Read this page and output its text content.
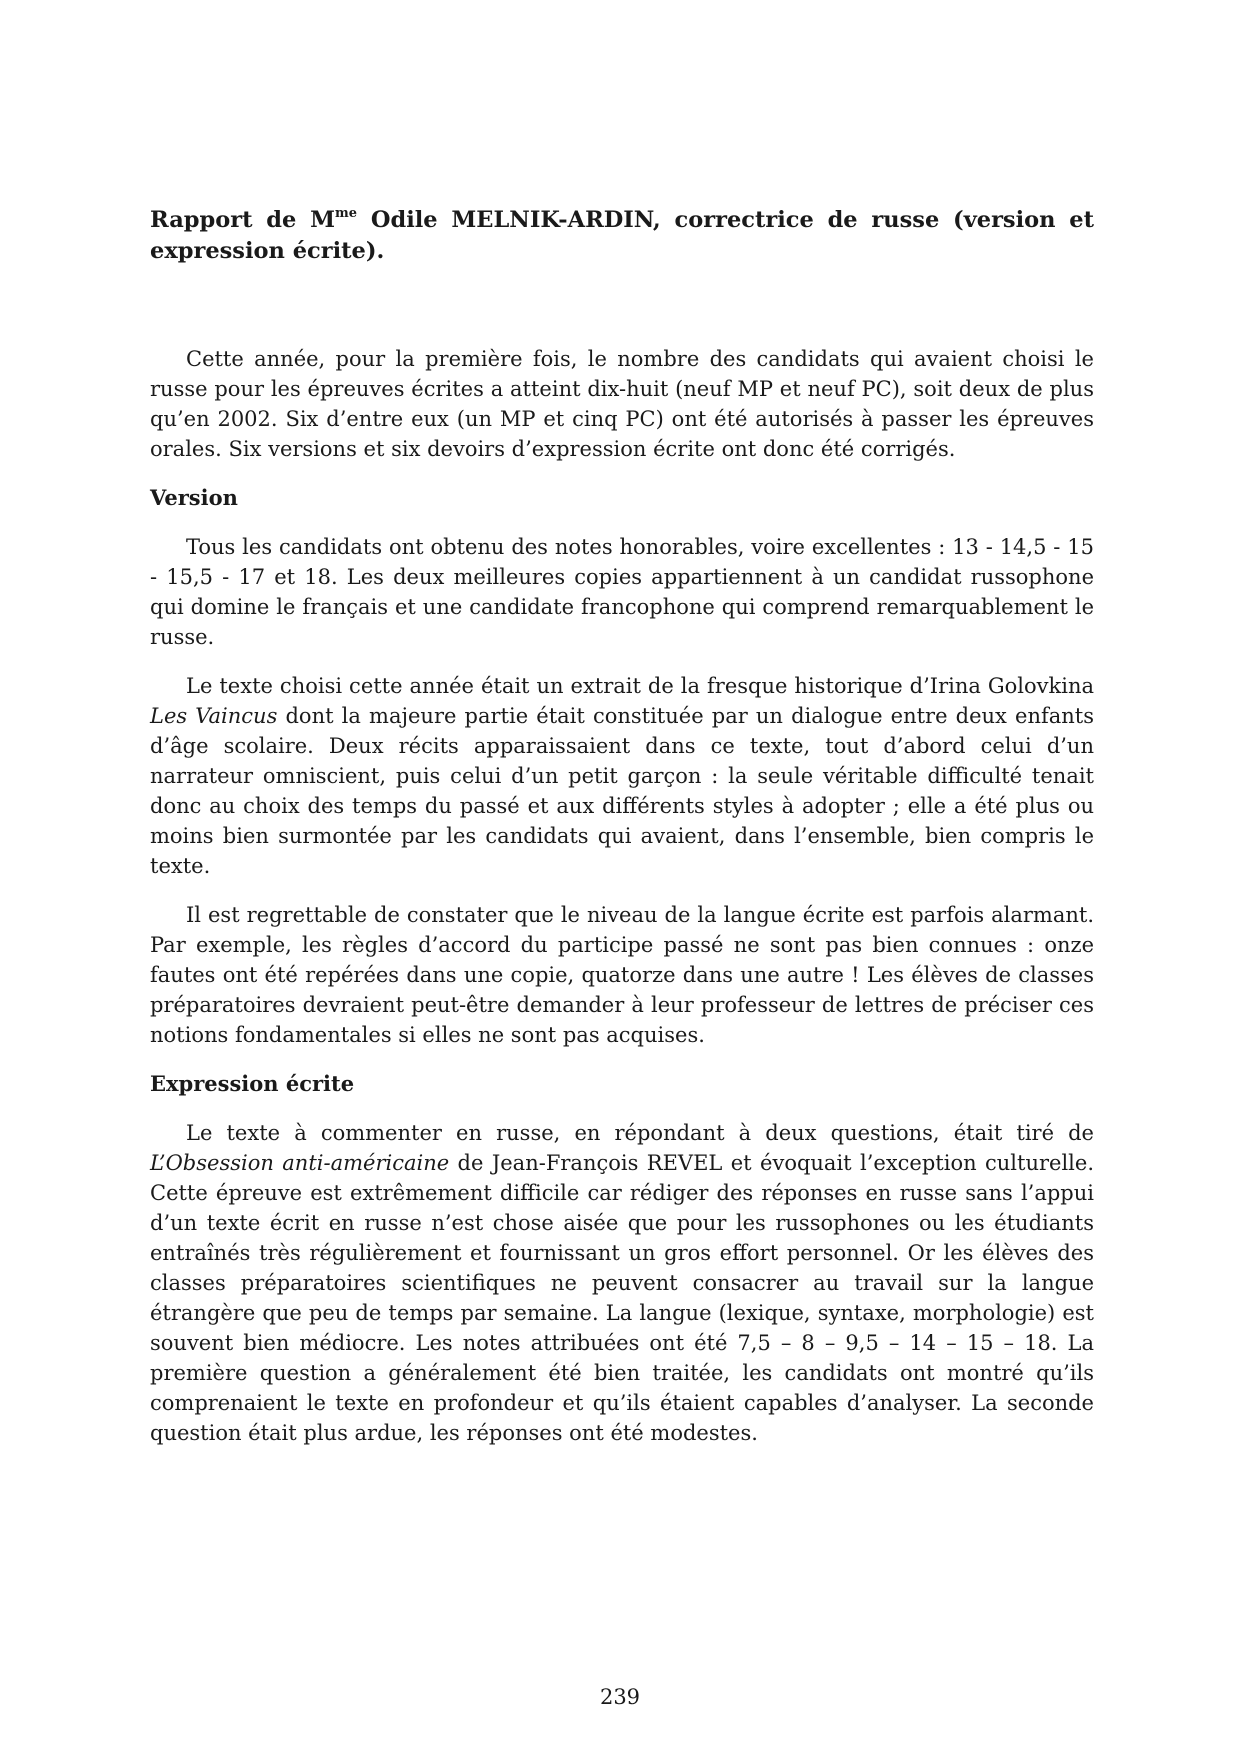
Rapport de $M^{me}$ Odile MELNIK-ARDIN, correctrice de russe (version et expression écrite).

Cette année, pour la première fois, le nombre des candidats qui avaient choisi le russe pour les épreuves écrites a atteint dix-huit (neuf MP et neuf PC), soit deux de plus qu’en 2002. Six d’entre eux (un MP et cinq PC) ont été autorisés à passer les épreuves orales. Six versions et six devoirs d’expression écrite ont donc été corrigés.

Version

Tous les candidats ont obtenu des notes honorables, voire excellentes : 13 - 14,5 - 15 - 15,5 - 17 et 18. Les deux meilleures copies appartiennent à un candidat russophone qui domine le français et une candidate francophone qui comprend remarquablement le russe.

Le texte choisi cette année était un extrait de la fresque historique d’Irina Golovkina Les Vaincus dont la majeure partie était constituée par un dialogue entre deux enfants d’âge scolaire. Deux récits apparaissaient dans ce texte, tout d’abord celui d’un narrateur omniscient, puis celui d’un petit garçon : la seule véritable difficulté tenait donc au choix des temps du passé et aux différents styles à adopter ; elle a été plus ou moins bien surmontée par les candidats qui avaient, dans l’ensemble, bien compris le texte.

Il est regrettable de constater que le niveau de la langue écrite est parfois alarmant. Par exemple, les règles d’accord du participe passé ne sont pas bien connues : onze fautes ont été repérées dans une copie, quatorze dans une autre ! Les élèves de classes préparatoires devraient peut-être demander à leur professeur de lettres de préciser ces notions fondamentales si elles ne sont pas acquises.

Expression écrite

Le texte à commenter en russe, en répondant à deux questions, était tiré de L’Obsession anti-américaine de Jean-François REVEL et évoquait l’exception culturelle. Cette épreuve est extrêmement difficile car rédiger des réponses en russe sans l’appui d’un texte écrit en russe n’est chose aisée que pour les russophones ou les étudiants entraînés très régulièrement et fournissant un gros effort personnel. Or les élèves des classes préparatoires scientifiques ne peuvent consacrer au travail sur la langue étrangère que peu de temps par semaine. La langue (lexique, syntaxe, morphologie) est souvent bien médiocre. Les notes attribuées ont été 7,5 – 8 – 9,5 – 14 – 15 – 18. La première question a généralement été bien traitée, les candidats ont montré qu’ils comprenaient le texte en profondeur et qu’ils étaient capables d’analyser. La seconde question était plus ardue, les réponses ont été modestes.

239
